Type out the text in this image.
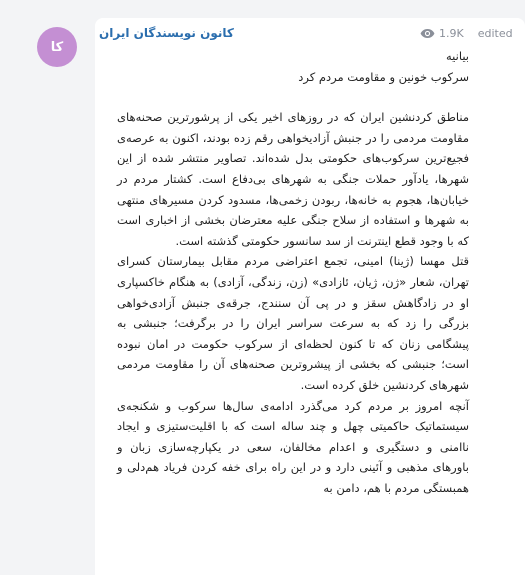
کا
کانون نویسندگان ایران	1.9K edited

بیانیه

سرکوب خونین و مقاومت مردم کرد

مناطق کردنشین ایران که در روزهای اخیر یکی از پرشورترین صحنه‌های مقاومت مردمی را در جنبش آزادیخواهی رقم زده بودند، اکنون به عرصه‌ی فجیع‌ترین سرکوب‌های حکومتی بدل شده‌اند. تصاویر منتشر شده از این شهرها، یادآور حملات جنگی به شهرهای بی‌دفاع است. کشتار مردم در خیابان‌ها، هجوم به خانه‌ها، ربودن زخمی‌ها، مسدود کردن مسیرهای منتهی به شهرها و استفاده از سلاح جنگی علیه معترضان بخشی از اخباری است که با وجود قطع اینترنت از سد سانسور حکومتی گذشته است.

قتل مهسا (ژینا) امینی، تجمع اعتراضی مردم مقابل بیمارستان کسرای تهران، شعار «ژن، ژیان، ئازادی» (زن، زندگی، آزادی) به هنگام خاکسپاری او در زادگاهش سقز و در پی آن سنندج، جرقه‌ی جنبش آزادی‌خواهی بزرگی را زد که به سرعت سراسر ایران را در برگرفت؛ جنبشی به پیشگامی زنان که تا کنون لحظه‌ای از سرکوب حکومت در امان نبوده است؛ جنبشی که بخشی از پیشروترین صحنه‌های آن را مقاومت مردمی شهرهای کردنشین خلق کرده است.

آنچه امروز بر مردم کرد می‌گذرد ادامه‌ی سال‌ها سرکوب و شکنجه‌ی سیستماتیک حاکمیتی چهل و چند ساله است که با اقلیت‌ستیزی و ایجاد ناامنی و دستگیری و اعدام مخالفان، سعی در یکپارچه‌سازی زبان و باورهای مذهبی و آئینی دارد و در این راه برای خفه کردن فریاد هم‌دلی و همبستگی مردم با هم، دامن به
